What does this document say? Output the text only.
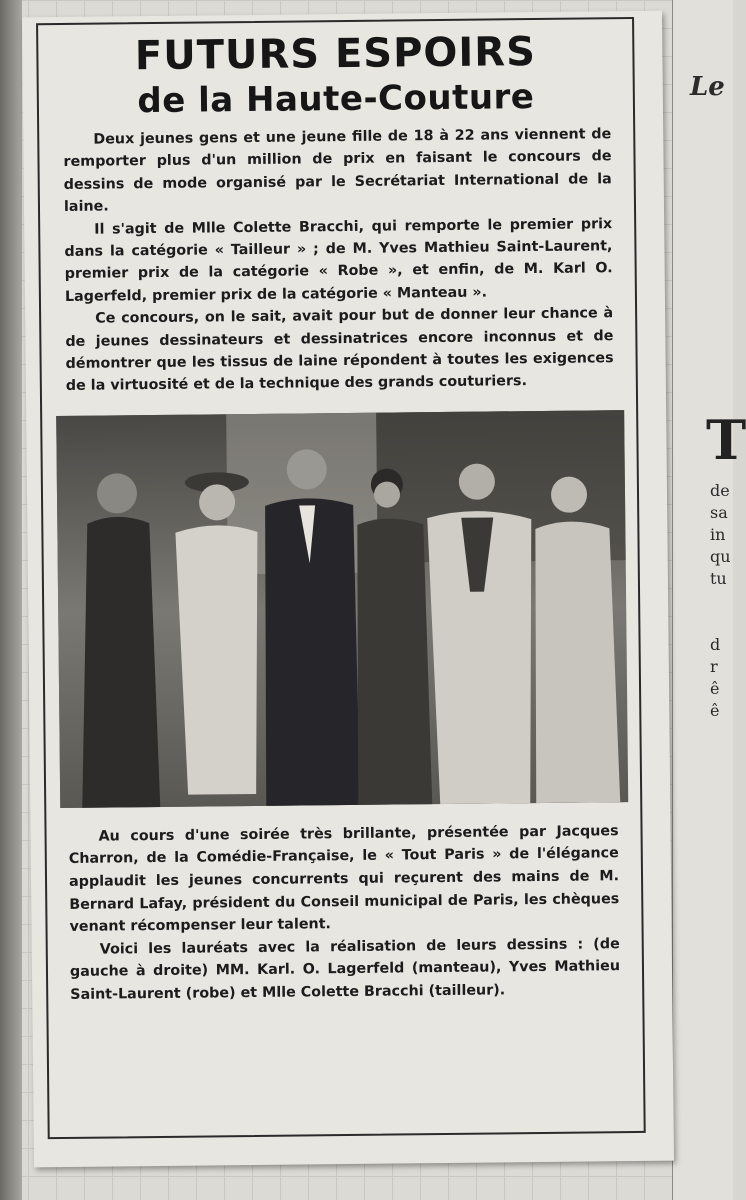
Le
T
de
sa
in
qu
tu
d
r
ê
ê
FUTURS ESPOIRS
de la Haute-Couture

Deux jeunes gens et une jeune fille de 18 à 22 ans viennent de remporter plus d'un million de prix en faisant le concours de dessins de mode organisé par le Secrétariat International de la laine.

Il s'agit de Mlle Colette Bracchi, qui remporte le premier prix dans la catégorie « Tailleur » ; de M. Yves Mathieu Saint-Laurent, premier prix de la catégorie « Robe », et enfin, de M. Karl O. Lagerfeld, premier prix de la catégorie « Manteau ».

Ce concours, on le sait, avait pour but de donner leur chance à de jeunes dessinateurs et dessinatrices encore inconnus et de démontrer que les tissus de laine répondent à toutes les exigences de la virtuosité et de la technique des grands couturiers.

Au cours d'une soirée très brillante, présentée par Jacques Charron, de la Comédie-Française, le « Tout Paris » de l'élégance applaudit les jeunes concurrents qui reçurent des mains de M. Bernard Lafay, président du Conseil municipal de Paris, les chèques venant récompenser leur talent.

Voici les lauréats avec la réalisation de leurs dessins : (de gauche à droite) MM. Karl. O. Lagerfeld (manteau), Yves Mathieu Saint-Laurent (robe) et Mlle Colette Bracchi (tailleur).
